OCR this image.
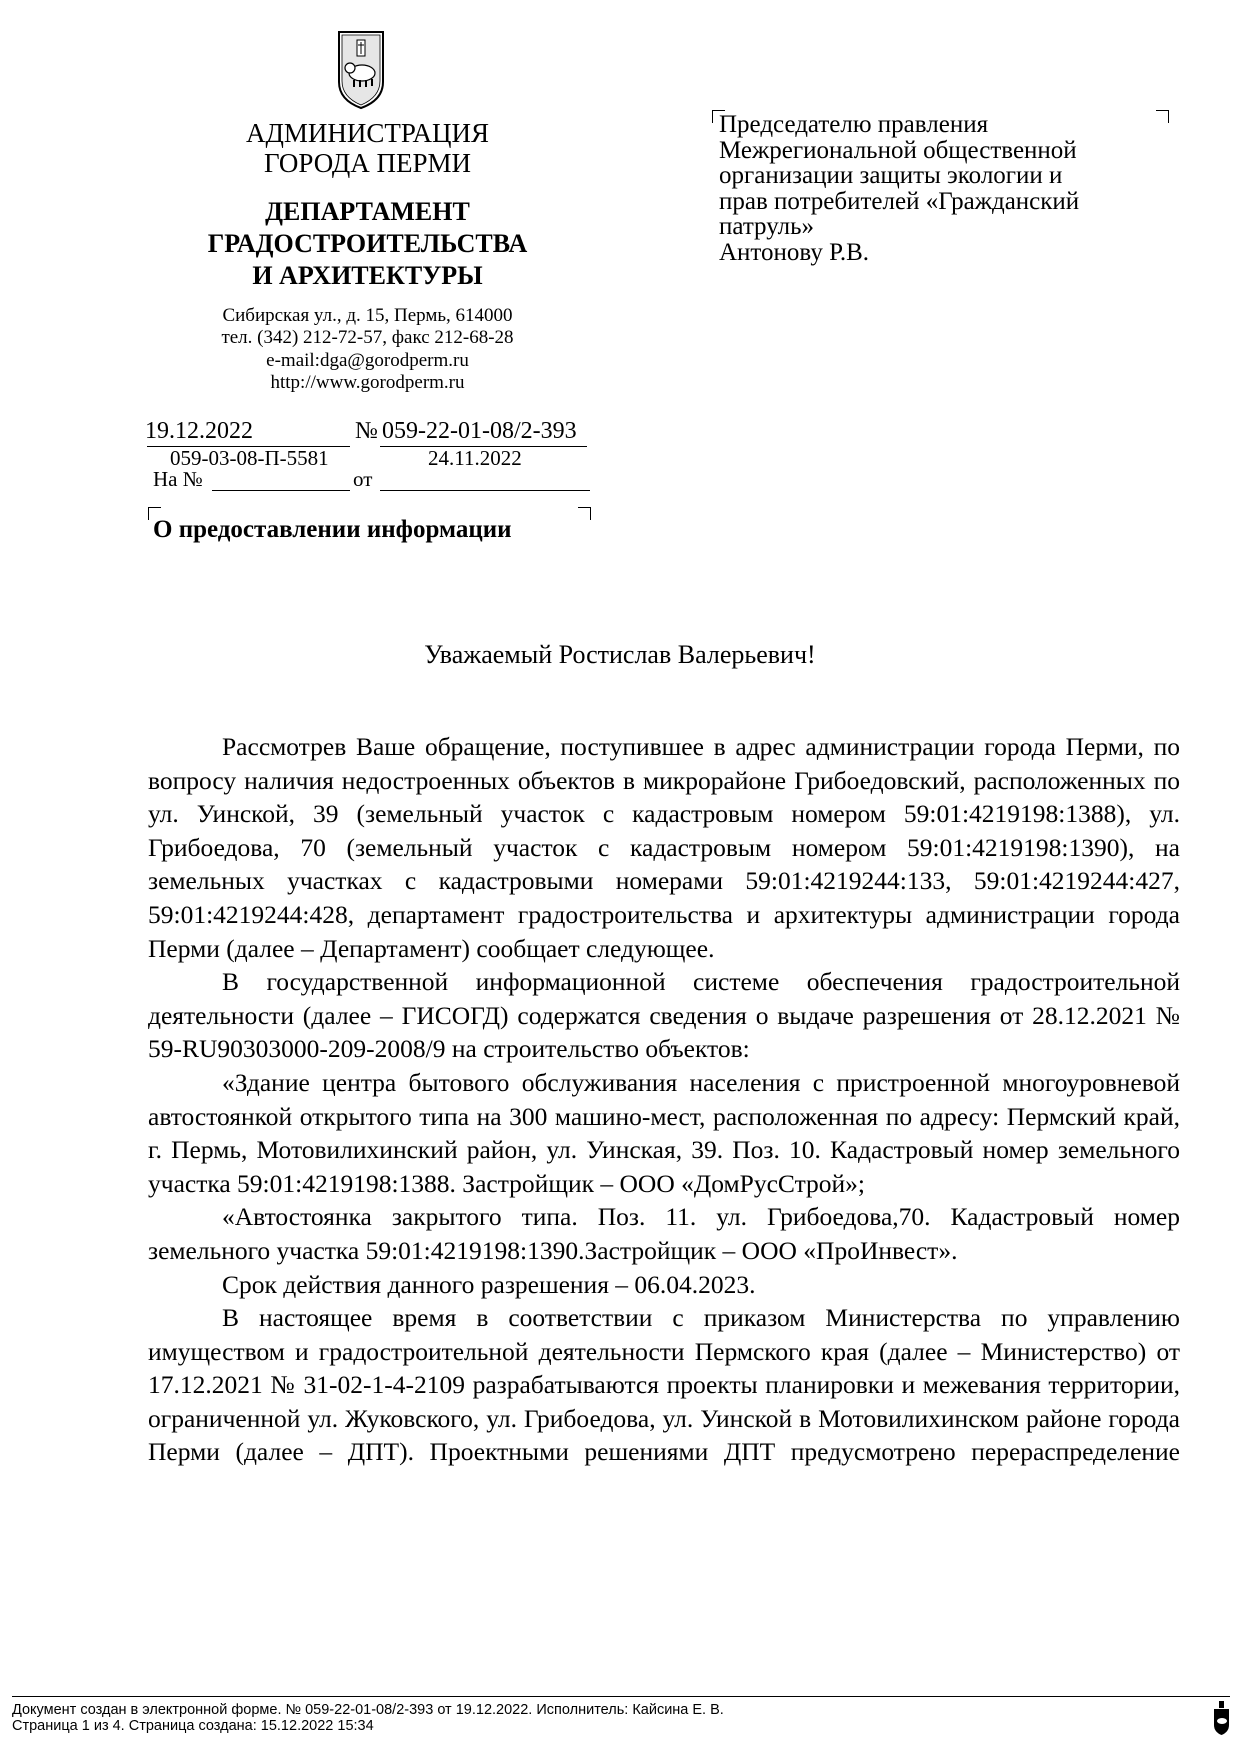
АДМИНИСТРАЦИЯ
ГОРОДА ПЕРМИ
ДЕПАРТАМЕНТ
ГРАДОСТРОИТЕЛЬСТВА
И АРХИТЕКТУРЫ
Сибирская ул., д. 15, Пермь, 614000
тел. (342) 212-72-57, факс 212-68-28
e-mail:dga@gorodperm.ru
http://www.gorodperm.ru
19.12.2022	№ 059-22-01-08/2-393
059-03-08-П-5581	24.11.2022
На №	от
О предоставлении информации
Председателю правления
Межрегиональной общественной
организации защиты экологии и
прав потребителей «Гражданский
патруль»
Антонову Р.В.
Уважаемый Ростислав Валерьевич!

Рассмотрев Ваше обращение, поступившее в адрес администрации города Перми, по вопросу наличия недостроенных объектов в микрорайоне Грибоедовский, расположенных по ул. Уинской, 39 (земельный участок с кадастровым номером 59:01:4219198:1388), ул. Грибоедова, 70 (земельный участок с кадастровым номером 59:01:4219198:1390), на земельных участках с кадастровыми номерами 59:01:4219244:133, 59:01:4219244:427, 59:01:4219244:428, департамент градостроительства и архитектуры администрации города Перми (далее – Департамент) сообщает следующее.

В государственной информационной системе обеспечения градостроительной деятельности (далее – ГИСОГД) содержатся сведения о выдаче разрешения от 28.12.2021 № 59-RU90303000-209-2008/9 на строительство объектов:

«Здание центра бытового обслуживания населения с пристроенной многоуровневой автостоянкой открытого типа на 300 машино-мест, расположенная по адресу: Пермский край, г. Пермь, Мотовилихинский район, ул. Уинская, 39. Поз. 10. Кадастровый номер земельного участка 59:01:4219198:1388. Застройщик – ООО «ДомРусСтрой»;

«Автостоянка закрытого типа. Поз. 11. ул. Грибоедова,70. Кадастровый номер земельного участка 59:01:4219198:1390.Застройщик – ООО «ПроИнвест».

Срок действия данного разрешения – 06.04.2023.

В настоящее время в соответствии с приказом Министерства по управлению имуществом и градостроительной деятельности Пермского края (далее – Министерство) от 17.12.2021 № 31-02-1-4-2109 разрабатываются проекты планировки и межевания территории, ограниченной ул. Жуковского, ул. Грибоедова, ул. Уинской в Мотовилихинском районе города Перми (далее – ДПТ). Проектными решениями ДПТ предусмотрено перераспределение

Документ создан в электронной форме. № 059-22-01-08/2-393 от 19.12.2022. Исполнитель: Кайсина Е. В.
Страница 1 из 4. Страница создана: 15.12.2022 15:34
